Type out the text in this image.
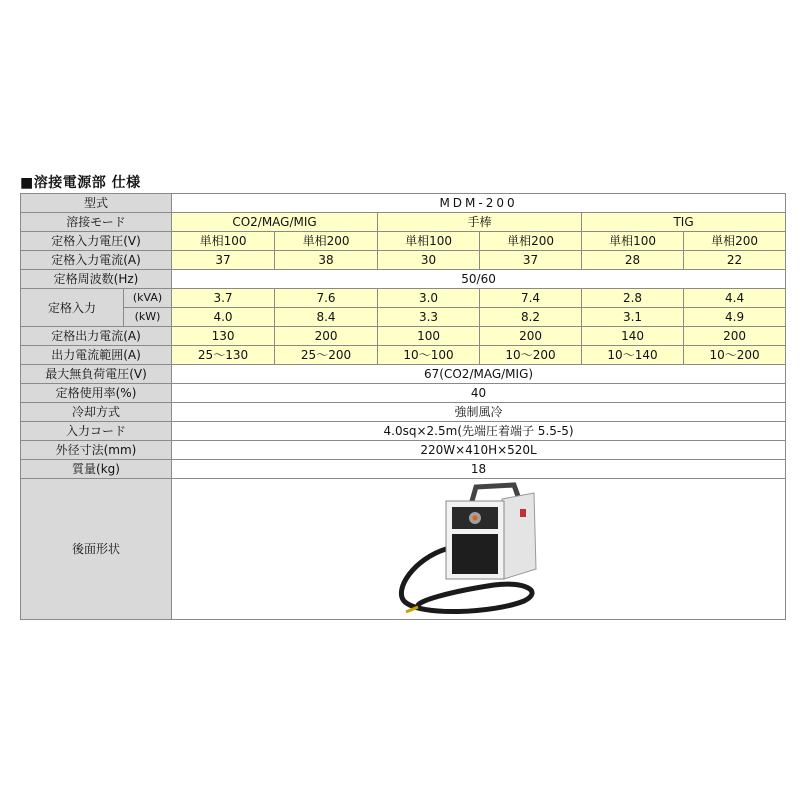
■溶接電源部 仕様
型式		MDM-200					
溶接モード		CO2/MAG/MIG		手棒		TIG	
定格入力電圧(V)		単相100	単相200	単相100	単相200	単相100	単相200
定格入力電流(A)		37	38	30	37	28	22
定格周波数(Hz)		50/60					
定格入力	(kVA)	3.7	7.6	3.0	7.4	2.8	4.4
	(kW)	4.0	8.4	3.3	8.2	3.1	4.9
定格出力電流(A)		130	200	100	200	140	200
出力電流範囲(A)		25～130	25～200	10～100	10～200	10～140	10～200
最大無負荷電圧(V)		67(CO2/MAG/MIG)					
定格使用率(%)		40					
冷却方式		強制風冷					
入力コード		4.0sq×2.5m(先端圧着端子 5.5-5)					
外径寸法(mm)		220W×410H×520L					
質量(kg)		18					
後面形状	
